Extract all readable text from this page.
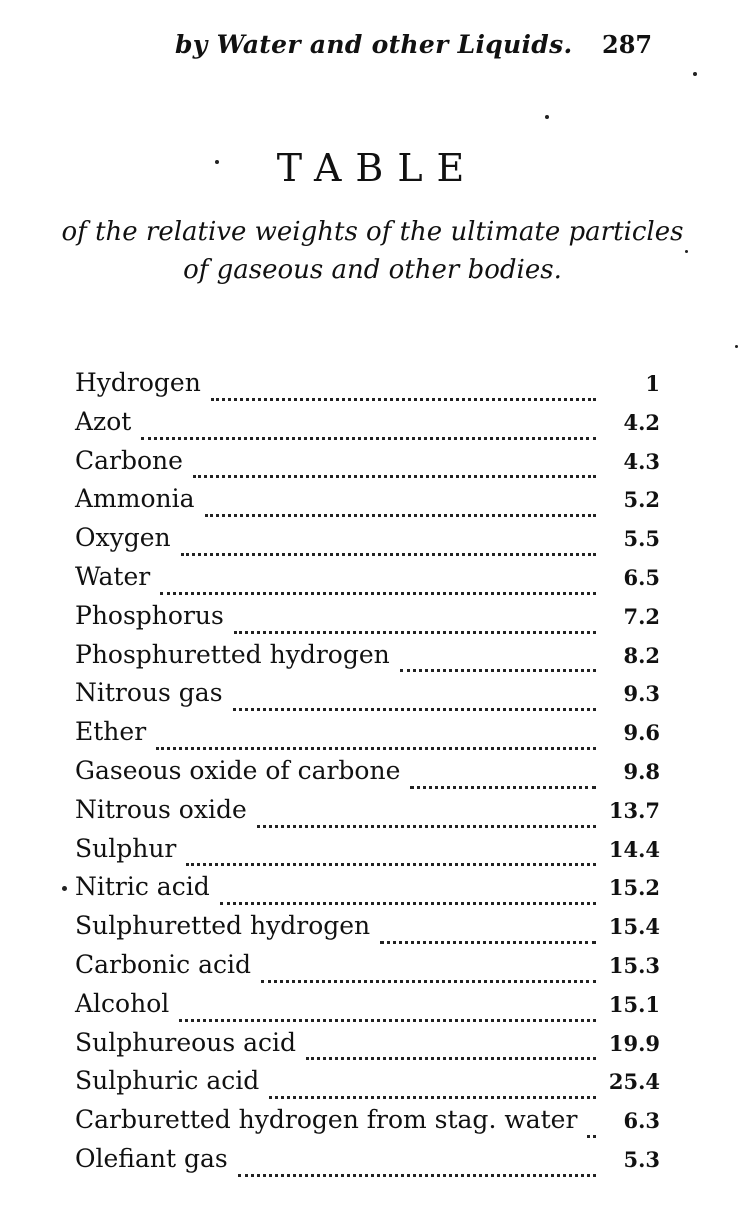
by Water and other Liquids. 287
TABLE
of the relative weights of the ultimate particles
of gaseous and other bodies.
Hydrogen	1
Azot	4.2
Carbone	4.3
Ammonia	5.2
Oxygen	5.5
Water	6.5
Phosphorus	7.2
Phosphuretted hydrogen	8.2
Nitrous gas	9.3
Ether	9.6
Gaseous oxide of carbone	9.8
Nitrous oxide	13.7
Sulphur	14.4
Nitric acid	15.2
Sulphuretted hydrogen	15.4
Carbonic acid	15.3
Alcohol	15.1
Sulphureous acid	19.9
Sulphuric acid	25.4
Carburetted hydrogen from stag. water	6.3
Olefiant gas	5.3
